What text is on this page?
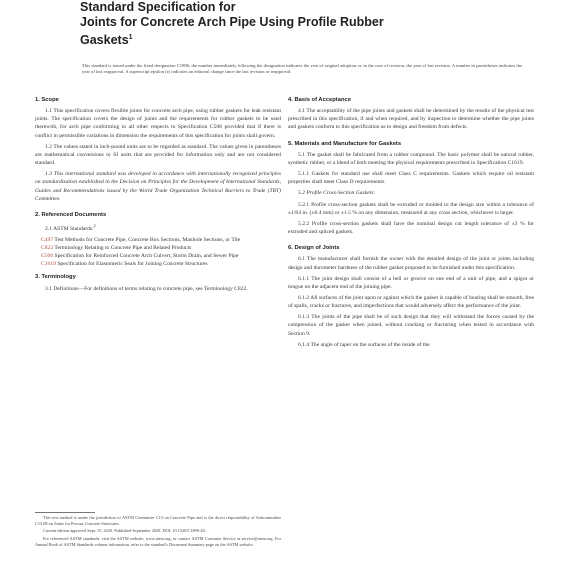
Standard Specification for
Joints for Concrete Arch Pipe Using Profile Rubber
Gaskets$^1$
This standard is issued under the fixed designation C1896; the number immediately following the designation indicates the year of original adoption or, in the case of revision, the year of last revision. A number in parentheses indicates the year of last reapproval. A superscript epsilon (ε) indicates an editorial change since the last revision or reapproval.
1. Scope
1.1 This specification covers flexible joints for concrete arch pipe, using rubber gaskets for leak resistant joints. The specification covers the design of joints and the requirements for rubber gaskets to be used therewith, for arch pipe conforming to all other respects to Specification C506 provided that if there is conflict in permissible variations in dimension the requirements of this specification for joints shall govern.
1.2 The values stated in inch-pound units are to be regarded as standard. The values given in parentheses are mathematical conversions to SI units that are provided for information only and are not considered standard.
1.3 This international standard was developed in accordance with internationally recognized principles on standardization established in the Decision on Principles for the Development of International Standards, Guides and Recommendations issued by the World Trade Organization Technical Barriers to Trade (TBT) Committee.
2. Referenced Documents
2.1 ASTM Standards:$^2$
C497 Test Methods for Concrete Pipe, Concrete Box Sections, Manhole Sections, or Tile
C822 Terminology Relating to Concrete Pipe and Related Products
C506 Specification for Reinforced Concrete Arch Culvert, Storm Drain, and Sewer Pipe
C1619 Specification for Elastomeric Seals for Joining Concrete Structures
3. Terminology
3.1 Definitions—For definitions of terms relating to concrete pipe, see Terminology C822.
This test method is under the jurisdiction of ASTM Committee C13 on Concrete Pipe and is the direct responsibility of Subcommittee C13.08 on Joints for Precast Concrete Structures.
Current edition approved Sept. 15, 2020. Published September 2020. DOI: 10.1520/C1896-20.
For referenced ASTM standards, visit the ASTM website, www.astm.org, or contact ASTM Customer Service at service@astm.org. For Annual Book of ASTM Standards volume information, refer to the standard's Document Summary page on the ASTM website.
4. Basis of Acceptance
4.1 The acceptability of the pipe joints and gaskets shall be determined by the results of the physical test prescribed in this specification, if and when required, and by inspection to determine whether the pipe joints and gaskets conform to this specification as to design and freedom from defects.
5. Materials and Manufacture for Gaskets
5.1 The gasket shall be fabricated from a rubber compound. The basic polymer shall be natural rubber, synthetic rubber, or a blend of both meeting the physical requirements prescribed in Specification C1619.
5.1.1 Gaskets for standard use shall meet Class C requirements. Gaskets which require oil resistant properties shall meet Class D requirements.
5.2 Profile Cross-Section Gaskets:
5.2.1 Profile cross-section gaskets shall be extruded or molded to the design size within a tolerance of ±1/64 in. (±0.4 mm) or ±1.5 % on any dimension, measured at any cross section, whichever is larger.
5.2.2 Profile cross-section gaskets shall have the nominal design cut length tolerance of ±3 % for extruded and spliced gaskets.
6. Design of Joints
6.1 The manufacturer shall furnish the owner with the detailed design of the joint or joints including design and durometer hardness of the rubber gasket proposed to be furnished under this specification.
6.1.1 The joint design shall consist of a bell or groove on one end of a unit of pipe, and a spigot or tongue on the adjacent end of the joining pipe.
6.1.2 All surfaces of the joint upon or against which the gasket is capable of bearing shall be smooth, free of spalls, cracks or fractures, and imperfections that would adversely affect the performance of the joint.
6.1.3 The joints of the pipe shall be of such design that they will withstand the forces caused by the compression of the gasket when joined, without cracking or fracturing when tested in accordance with Section 9.
6.1.4 The angle of taper on the surfaces of the inside of the
